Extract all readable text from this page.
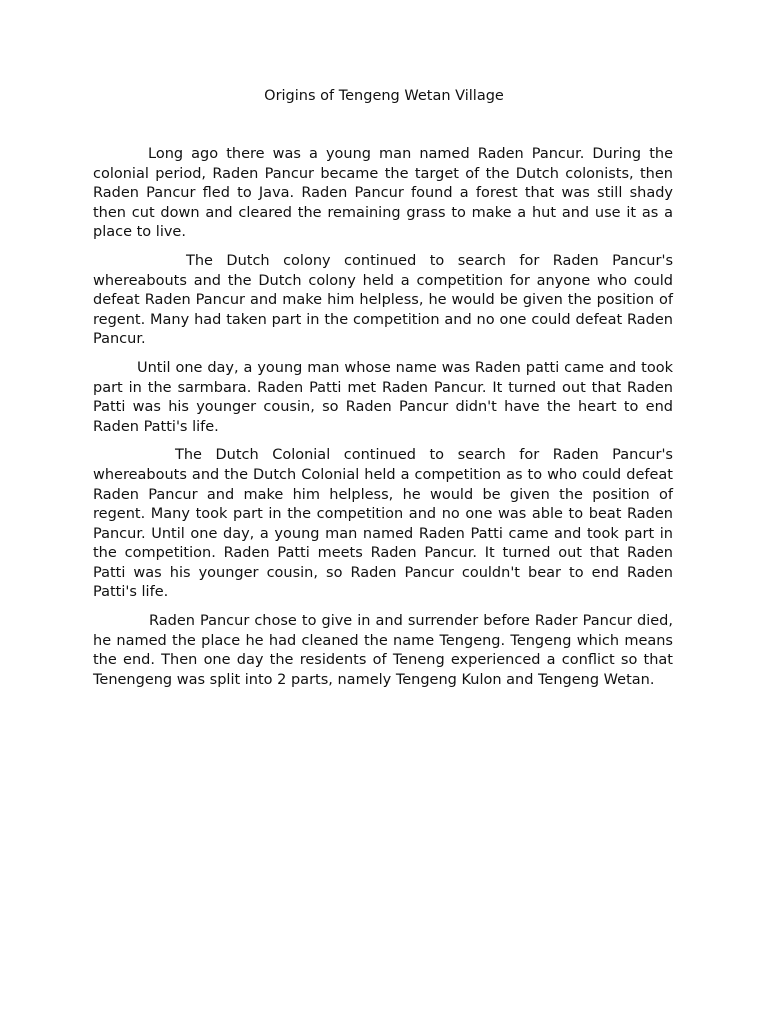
Origins of Tengeng Wetan Village

Long ago there was a young man named Raden Pancur. During the colonial period, Raden Pancur became the target of the Dutch colonists, then Raden Pancur fled to Java. Raden Pancur found a forest that was still shady then cut down and cleared the remaining grass to make a hut and use it as a place to live.

The Dutch colony continued to search for Raden Pancur's whereabouts and the Dutch colony held a competition for anyone who could defeat Raden Pancur and make him helpless, he would be given the position of regent. Many had taken part in the competition and no one could defeat Raden Pancur.

Until one day, a young man whose name was Raden patti came and took part in the sarmbara. Raden Patti met Raden Pancur. It turned out that Raden Patti was his younger cousin, so Raden Pancur didn't have the heart to end Raden Patti's life.

The Dutch Colonial continued to search for Raden Pancur's whereabouts and the Dutch Colonial held a competition as to who could defeat Raden Pancur and make him helpless, he would be given the position of regent. Many took part in the competition and no one was able to beat Raden Pancur. Until one day, a young man named Raden Patti came and took part in the competition. Raden Patti meets Raden Pancur. It turned out that Raden Patti was his younger cousin, so Raden Pancur couldn't bear to end Raden Patti's life.

Raden Pancur chose to give in and surrender before Rader Pancur died, he named the place he had cleaned the name Tengeng. Tengeng which means the end. Then one day the residents of Teneng experienced a conflict so that Tenengeng was split into 2 parts, namely Tengeng Kulon and Tengeng Wetan.
